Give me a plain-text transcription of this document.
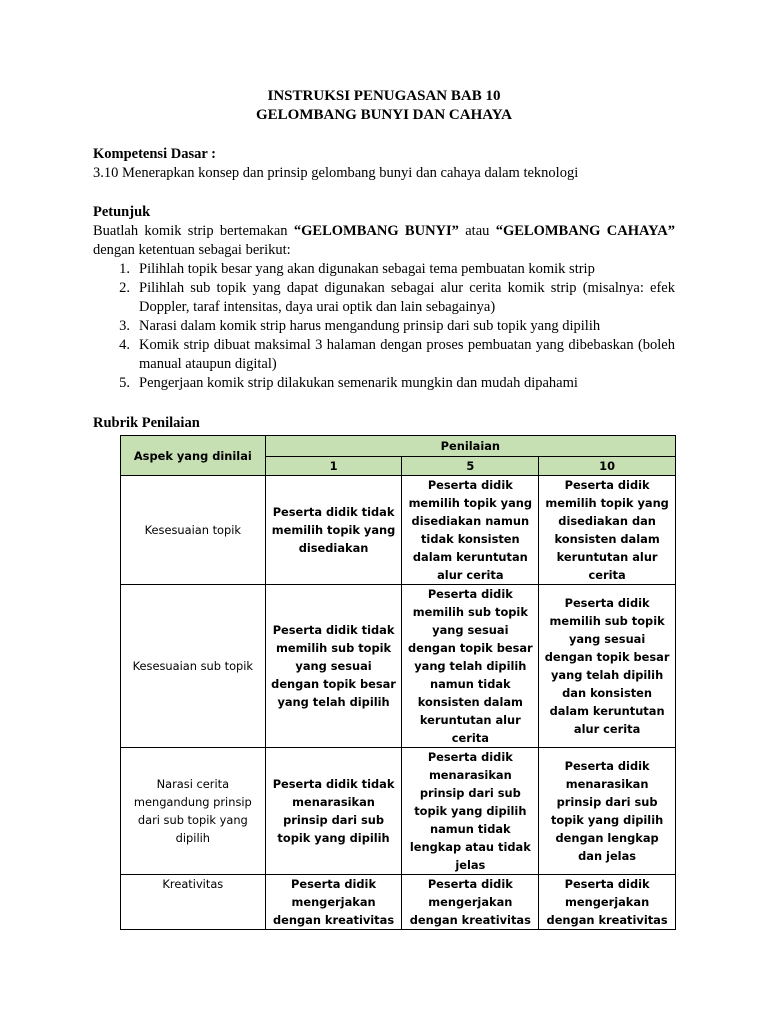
INSTRUKSI PENUGASAN BAB 10
GELOMBANG BUNYI DAN CAHAYA
Kompetensi Dasar :
3.10 Menerapkan konsep dan prinsip gelombang bunyi dan cahaya dalam teknologi
Petunjuk
Buatlah komik strip bertemakan “GELOMBANG BUNYI” atau “GELOMBANG CAHAYA” dengan ketentuan sebagai berikut:
1. Pilihlah topik besar yang akan digunakan sebagai tema pembuatan komik strip
2. Pilihlah sub topik yang dapat digunakan sebagai alur cerita komik strip (misalnya: efek Doppler, taraf intensitas, daya urai optik dan lain sebagainya)
3. Narasi dalam komik strip harus mengandung prinsip dari sub topik yang dipilih
4. Komik strip dibuat maksimal 3 halaman dengan proses pembuatan yang dibebaskan (boleh manual ataupun digital)
5. Pengerjaan komik strip dilakukan semenarik mungkin dan mudah dipahami
Rubrik Penilaian
Aspek yang dinilai	Penilaian		
	1	5	10
Kesesuaian topik	Peserta didik tidak memilih topik yang disediakan	Peserta didik memilih topik yang disediakan namun tidak konsisten dalam keruntutan alur cerita	Peserta didik memilih topik yang disediakan dan konsisten dalam keruntutan alur cerita
Kesesuaian sub topik	Peserta didik tidak memilih sub topik yang sesuai dengan topik besar yang telah dipilih	Peserta didik memilih sub topik yang sesuai dengan topik besar yang telah dipilih namun tidak konsisten dalam keruntutan alur cerita	Peserta didik memilih sub topik yang sesuai dengan topik besar yang telah dipilih dan konsisten dalam keruntutan alur cerita
Narasi cerita mengandung prinsip dari sub topik yang dipilih	Peserta didik tidak menarasikan prinsip dari sub topik yang dipilih	Peserta didik menarasikan prinsip dari sub topik yang dipilih namun tidak lengkap atau tidak jelas	Peserta didik menarasikan prinsip dari sub topik yang dipilih dengan lengkap dan jelas
Kreativitas	Peserta didik mengerjakan dengan kreativitas	Peserta didik mengerjakan dengan kreativitas	Peserta didik mengerjakan dengan kreativitas
